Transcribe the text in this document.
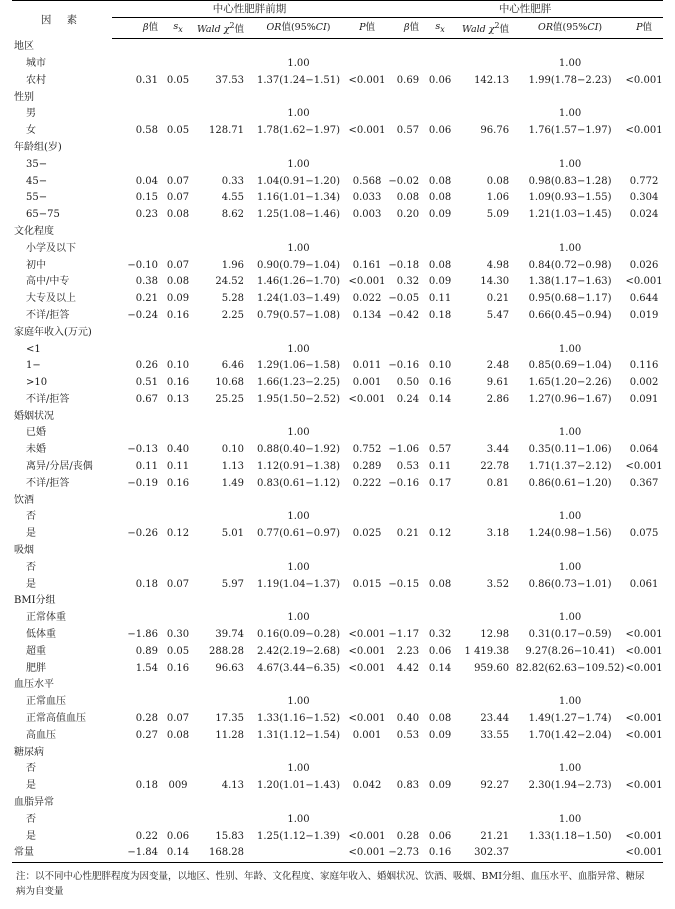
因 素	中心性肥胖前期					中心性肥胖				
	β值	$s_x$	Wald $\chi^2$值	OR值(95%CI)	P值	β值	$s_x$	Wald $\chi^2$值	OR值(95%CI)	P值
地区										
城市				1.00					1.00	
农村	0.31	0.05	37.53	1.37(1.24−1.51)	<0.001	0.69	0.06	142.13	1.99(1.78−2.23)	<0.001
性别										
男				1.00					1.00	
女	0.58	0.05	128.71	1.78(1.62−1.97)	<0.001	0.57	0.06	96.76	1.76(1.57−1.97)	<0.001
年龄组(岁)										
35−				1.00					1.00	
45−	0.04	0.07	0.33	1.04(0.91−1.20)	0.568	−0.02	0.08	0.08	0.98(0.83−1.28)	0.772
55−	0.15	0.07	4.55	1.16(1.01−1.34)	0.033	0.08	0.08	1.06	1.09(0.93−1.55)	0.304
65−75	0.23	0.08	8.62	1.25(1.08−1.46)	0.003	0.20	0.09	5.09	1.21(1.03−1.45)	0.024
文化程度										
小学及以下				1.00					1.00	
初中	−0.10	0.07	1.96	0.90(0.79−1.04)	0.161	−0.18	0.08	4.98	0.84(0.72−0.98)	0.026
高中/中专	0.38	0.08	24.52	1.46(1.26−1.70)	<0.001	0.32	0.09	14.30	1.38(1.17−1.63)	<0.001
大专及以上	0.21	0.09	5.28	1.24(1.03−1.49)	0.022	−0.05	0.11	0.21	0.95(0.68−1.17)	0.644
不详/拒答	−0.24	0.16	2.25	0.79(0.57−1.08)	0.134	−0.42	0.18	5.47	0.66(0.45−0.94)	0.019
家庭年收入(万元)										
<1				1.00					1.00	
1−	0.26	0.10	6.46	1.29(1.06−1.58)	0.011	−0.16	0.10	2.48	0.85(0.69−1.04)	0.116
>10	0.51	0.16	10.68	1.66(1.23−2.25)	0.001	0.50	0.16	9.61	1.65(1.20−2.26)	0.002
不详/拒答	0.67	0.13	25.25	1.95(1.50−2.52)	<0.001	0.24	0.14	2.86	1.27(0.96−1.67)	0.091
婚姻状况										
已婚				1.00					1.00	
未婚	−0.13	0.40	0.10	0.88(0.40−1.92)	0.752	−1.06	0.57	3.44	0.35(0.11−1.06)	0.064
离异/分居/丧偶	0.11	0.11	1.13	1.12(0.91−1.38)	0.289	0.53	0.11	22.78	1.71(1.37−2.12)	<0.001
不详/拒答	−0.19	0.16	1.49	0.83(0.61−1.12)	0.222	−0.16	0.17	0.81	0.86(0.61−1.20)	0.367
饮酒										
否				1.00					1.00	
是	−0.26	0.12	5.01	0.77(0.61−0.97)	0.025	0.21	0.12	3.18	1.24(0.98−1.56)	0.075
吸烟										
否				1.00					1.00	
是	0.18	0.07	5.97	1.19(1.04−1.37)	0.015	−0.15	0.08	3.52	0.86(0.73−1.01)	0.061
BMI分组										
正常体重				1.00					1.00	
低体重	−1.86	0.30	39.74	0.16(0.09−0.28)	<0.001	−1.17	0.32	12.98	0.31(0.17−0.59)	<0.001
超重	0.89	0.05	288.28	2.42(2.19−2.68)	<0.001	2.23	0.06	1 419.38	9.27(8.26−10.41)	<0.001
肥胖	1.54	0.16	96.63	4.67(3.44−6.35)	<0.001	4.42	0.14	959.60	82.82(62.63−109.52)	<0.001
血压水平										
正常血压				1.00					1.00	
正常高值血压	0.28	0.07	17.35	1.33(1.16−1.52)	<0.001	0.40	0.08	23.44	1.49(1.27−1.74)	<0.001
高血压	0.27	0.08	11.28	1.31(1.12−1.54)	0.001	0.53	0.09	33.55	1.70(1.42−2.04)	<0.001
糖尿病										
否				1.00					1.00	
是	0.18	009	4.13	1.20(1.01−1.43)	0.042	0.83	0.09	92.27	2.30(1.94−2.73)	<0.001
血脂异常										
否				1.00					1.00	
是	0.22	0.06	15.83	1.25(1.12−1.39)	<0.001	0.28	0.06	21.21	1.33(1.18−1.50)	<0.001
常量	−1.84	0.14	168.28		<0.001	−2.73	0.16	302.37		<0.001
注：以不同中心性肥胖程度为因变量，以地区、性别、年龄、文化程度、家庭年收入、婚姻状况、饮酒、吸烟、BMI分组、血压水平、血脂异常、糖尿病为自变量
